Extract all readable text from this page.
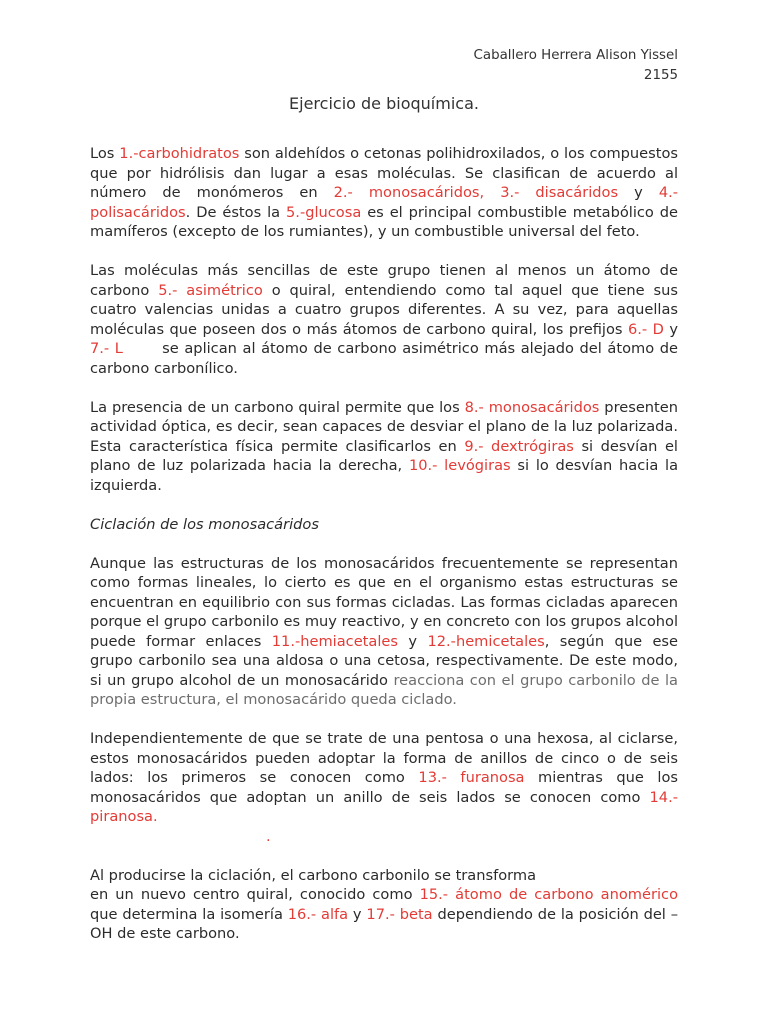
Caballero Herrera Alison Yissel
2155
Ejercicio de bioquímica.

Los 1.-carbohidratos son aldehídos o cetonas polihidroxilados, o los compuestos que por hidrólisis dan lugar a esas moléculas. Se clasifican de acuerdo al número de monómeros en 2.- monosacáridos, 3.- disacáridos y 4.- polisacáridos. De éstos la 5.-glucosa es el principal combustible metabólico de mamíferos (excepto de los rumiantes), y un combustible universal del feto.

Las moléculas más sencillas de este grupo tienen al menos un átomo de carbono 5.- asimétrico o quiral, entendiendo como tal aquel que tiene sus cuatro valencias unidas a cuatro grupos diferentes. A su vez, para aquellas moléculas que poseen dos o más átomos de carbono quiral, los prefijos 6.- D y 7.- L       se aplican al átomo de carbono asimétrico más alejado del átomo de carbono carbonílico.

La presencia de un carbono quiral permite que los 8.- monosacáridos presenten actividad óptica, es decir, sean capaces de desviar el plano de la luz polarizada. Esta característica física permite clasificarlos en 9.- dextrógiras si desvían el plano de luz polarizada hacia la derecha, 10.- levógiras si lo desvían hacia la izquierda.

Ciclación de los monosacáridos

Aunque las estructuras de los monosacáridos frecuentemente se representan como formas lineales, lo cierto es que en el organismo estas estructuras se encuentran en equilibrio con sus formas cicladas. Las formas cicladas aparecen porque el grupo carbonilo es muy reactivo, y en concreto con los grupos alcohol puede formar enlaces 11.-hemiacetales y 12.-hemicetales, según que ese grupo carbonilo sea una aldosa o una cetosa, respectivamente. De este modo, si un grupo alcohol de un monosacárido reacciona con el grupo carbonilo de la propia estructura, el monosacárido queda ciclado.

Independientemente de que se trate de una pentosa o una hexosa, al ciclarse, estos monosacáridos pueden adoptar la forma de anillos de cinco o de seis lados: los primeros se conocen como 13.- furanosa mientras que los monosacáridos que adoptan un anillo de seis lados se conocen como 14.-piranosa.

.

Al producirse la ciclación, el carbono carbonilo se transforma

en un nuevo centro quiral, conocido como 15.- átomo de carbono anomérico que determina la isomería 16.- alfa y 17.- beta dependiendo de la posición del –OH de este carbono.
